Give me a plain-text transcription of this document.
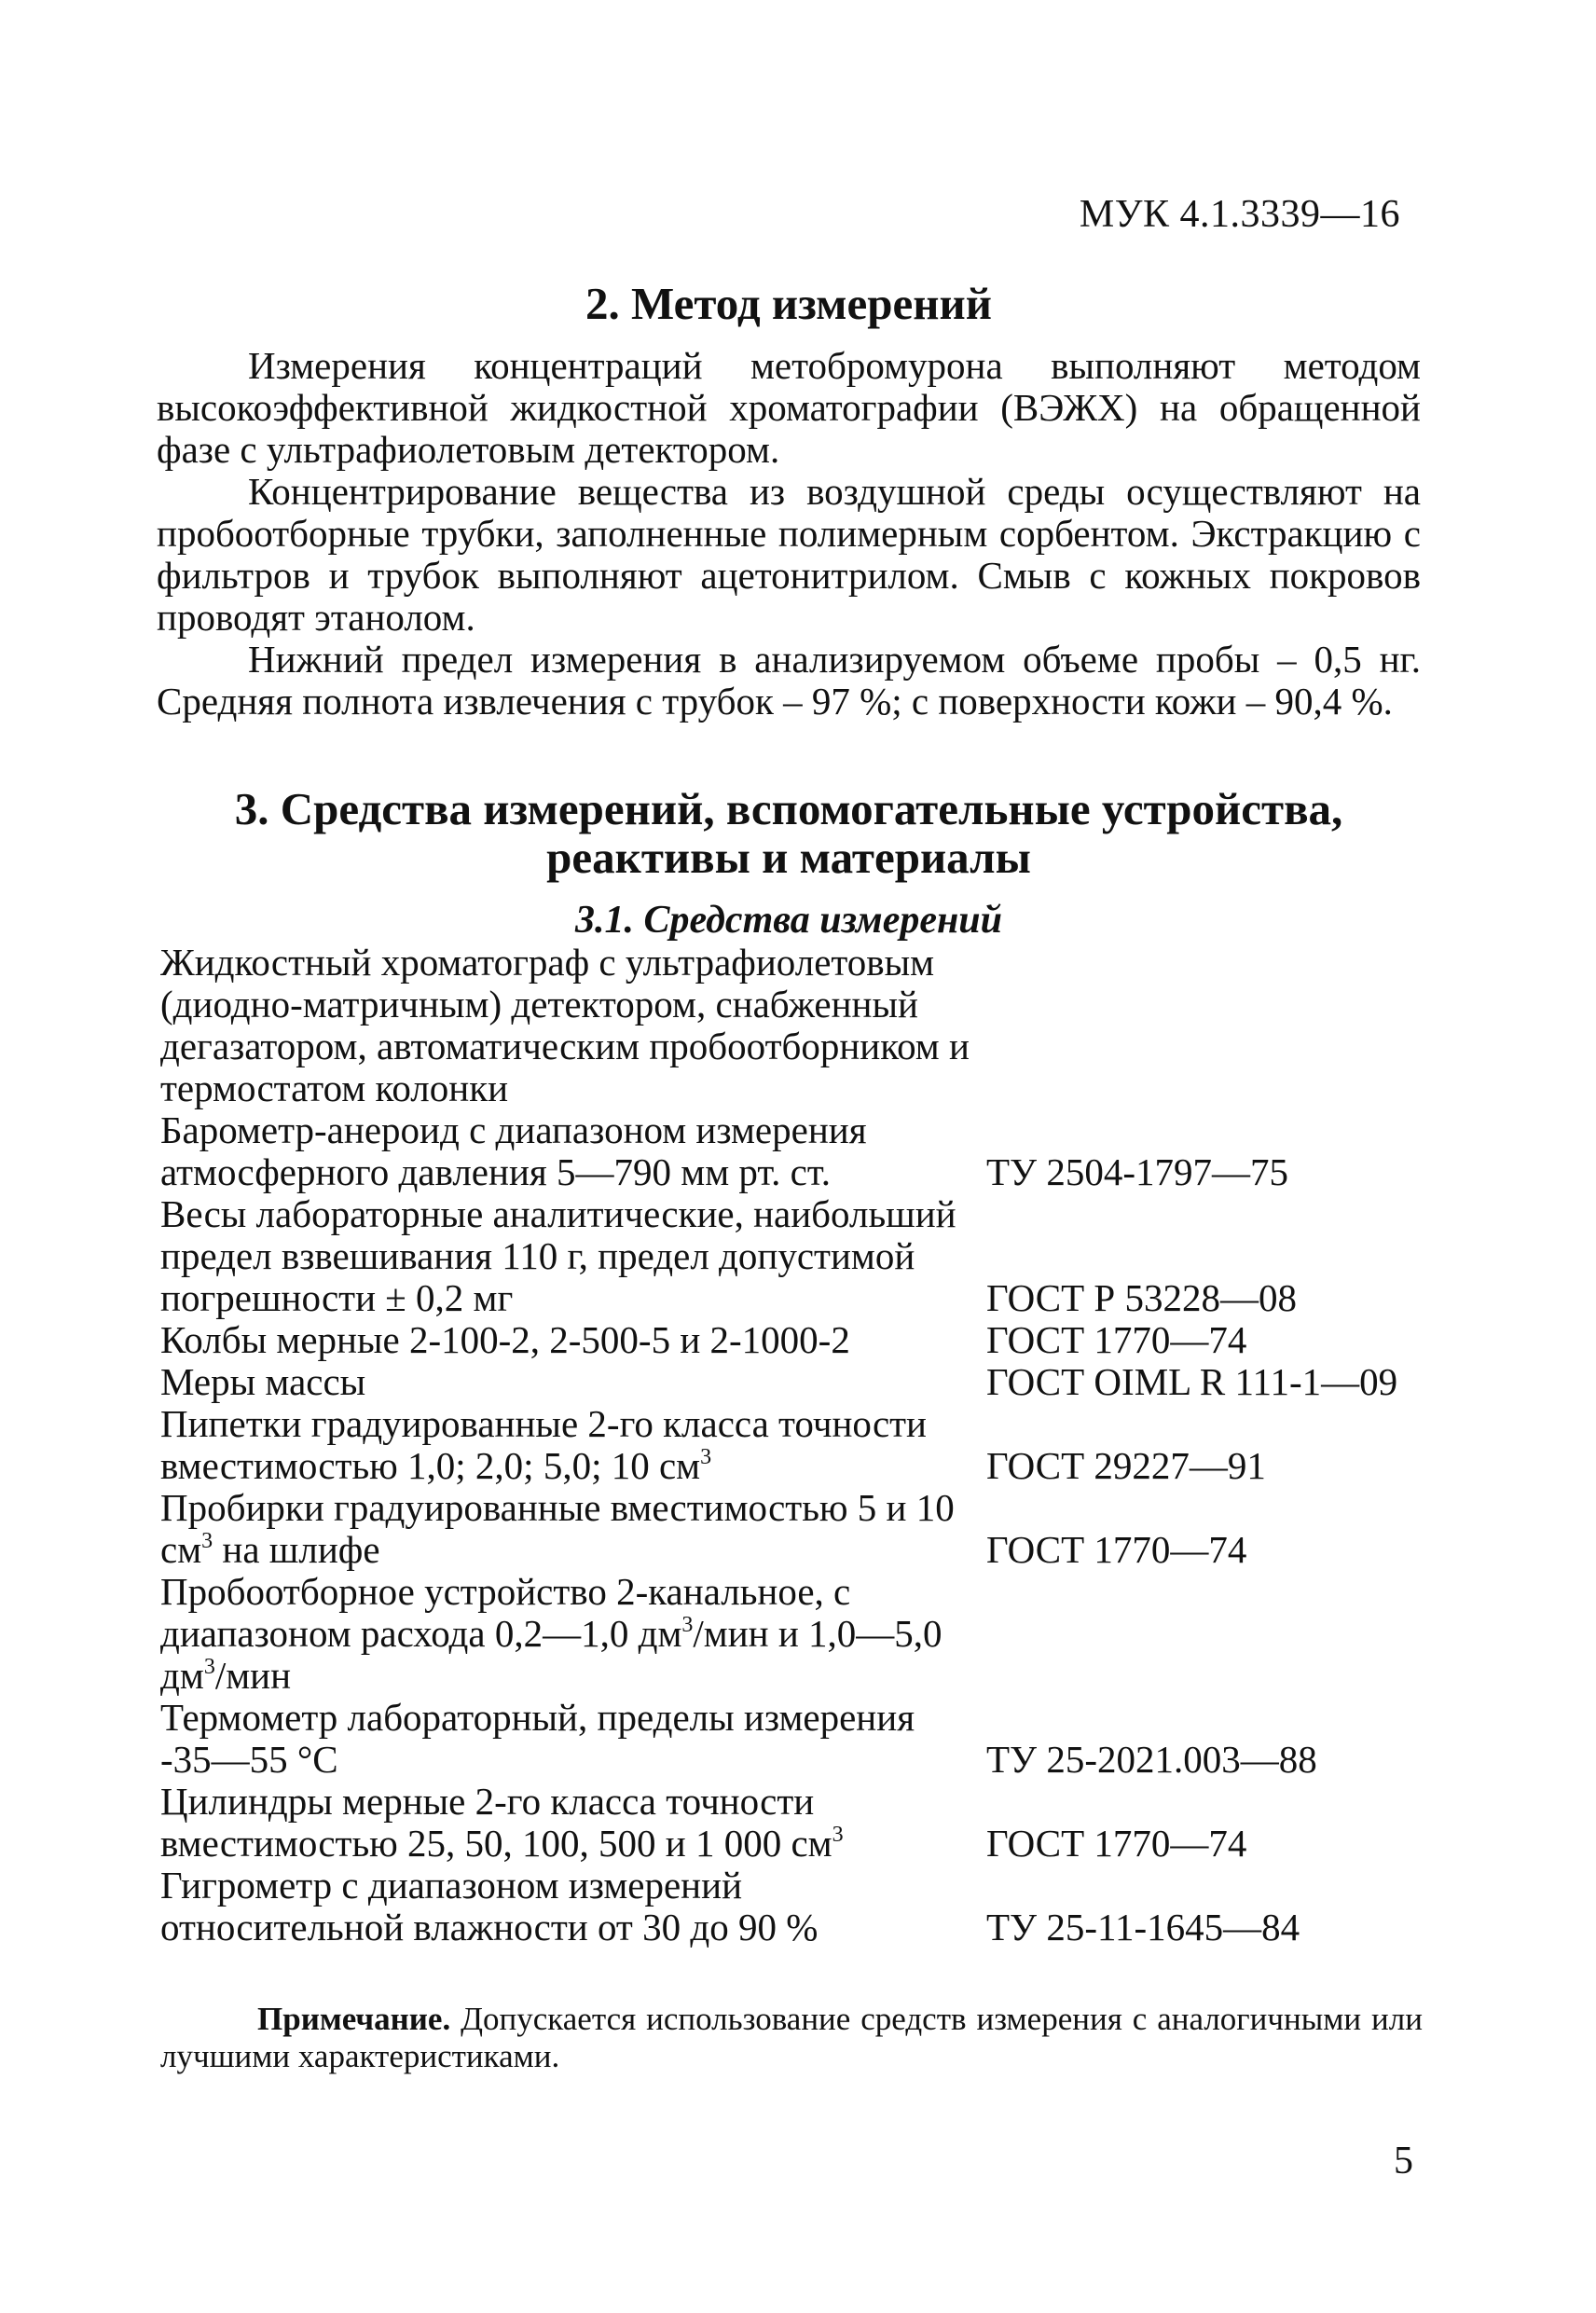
МУК 4.1.3339—16
2. Метод измерений

Измерения концентраций метобромурона выполняют методом высокоэффективной жидкостной хроматографии (ВЭЖХ) на обращенной фазе с ультрафиолетовым детектором.

Концентрирование вещества из воздушной среды осуществляют на пробоотборные трубки, заполненные полимерным сорбентом. Экстракцию с фильтров и трубок выполняют ацетонитрилом. Смыв с кожных покровов проводят этанолом.

Нижний предел измерения в анализируемом объеме пробы – 0,5 нг. Средняя полнота извлечения с трубок – 97 %; с поверхности кожи – 90,4 %.

3. Средства измерений, вспомогательные устройства,
реактивы и материалы
3.1. Средства измерений
Жидкостный хроматограф с ультрафиолетовым (диодно-матричным) детектором, снабженный дегазатором, автоматическим пробоотборником и термостатом колонки
Барометр-анероид с диапазоном измерения атмосферного давления 5—790 мм рт. ст.	ТУ 2504-1797—75
Весы лабораторные аналитические, наибольший предел взвешивания 110 г, предел допустимой погрешности ± 0,2 мг	ГОСТ Р 53228—08
Колбы мерные 2-100-2, 2-500-5 и 2-1000-2	ГОСТ 1770—74
Меры массы	ГОСТ OIML R 111-1—09
Пипетки градуированные 2-го класса точности вместимостью 1,0; 2,0; 5,0; 10 $см^3$	ГОСТ 29227—91
Пробирки градуированные вместимостью 5 и 10 $см^3$ на шлифе	ГОСТ 1770—74
Пробоотборное устройство 2-канальное, с диапазоном расхода 0,2—1,0 $дм^3$/мин и 1,0—5,0 $дм^3$/мин
Термометр лабораторный, пределы измерения -35—55 °С	ТУ 25-2021.003—88
Цилиндры мерные 2-го класса точности вместимостью 25, 50, 100, 500 и 1 000 $см^3$	ГОСТ 1770—74
Гигрометр с диапазоном измерений относительной влажности от 30 до 90 %	ТУ 25-11-1645—84
Примечание. Допускается использование средств измерения с аналогичными или лучшими характеристиками.
5
